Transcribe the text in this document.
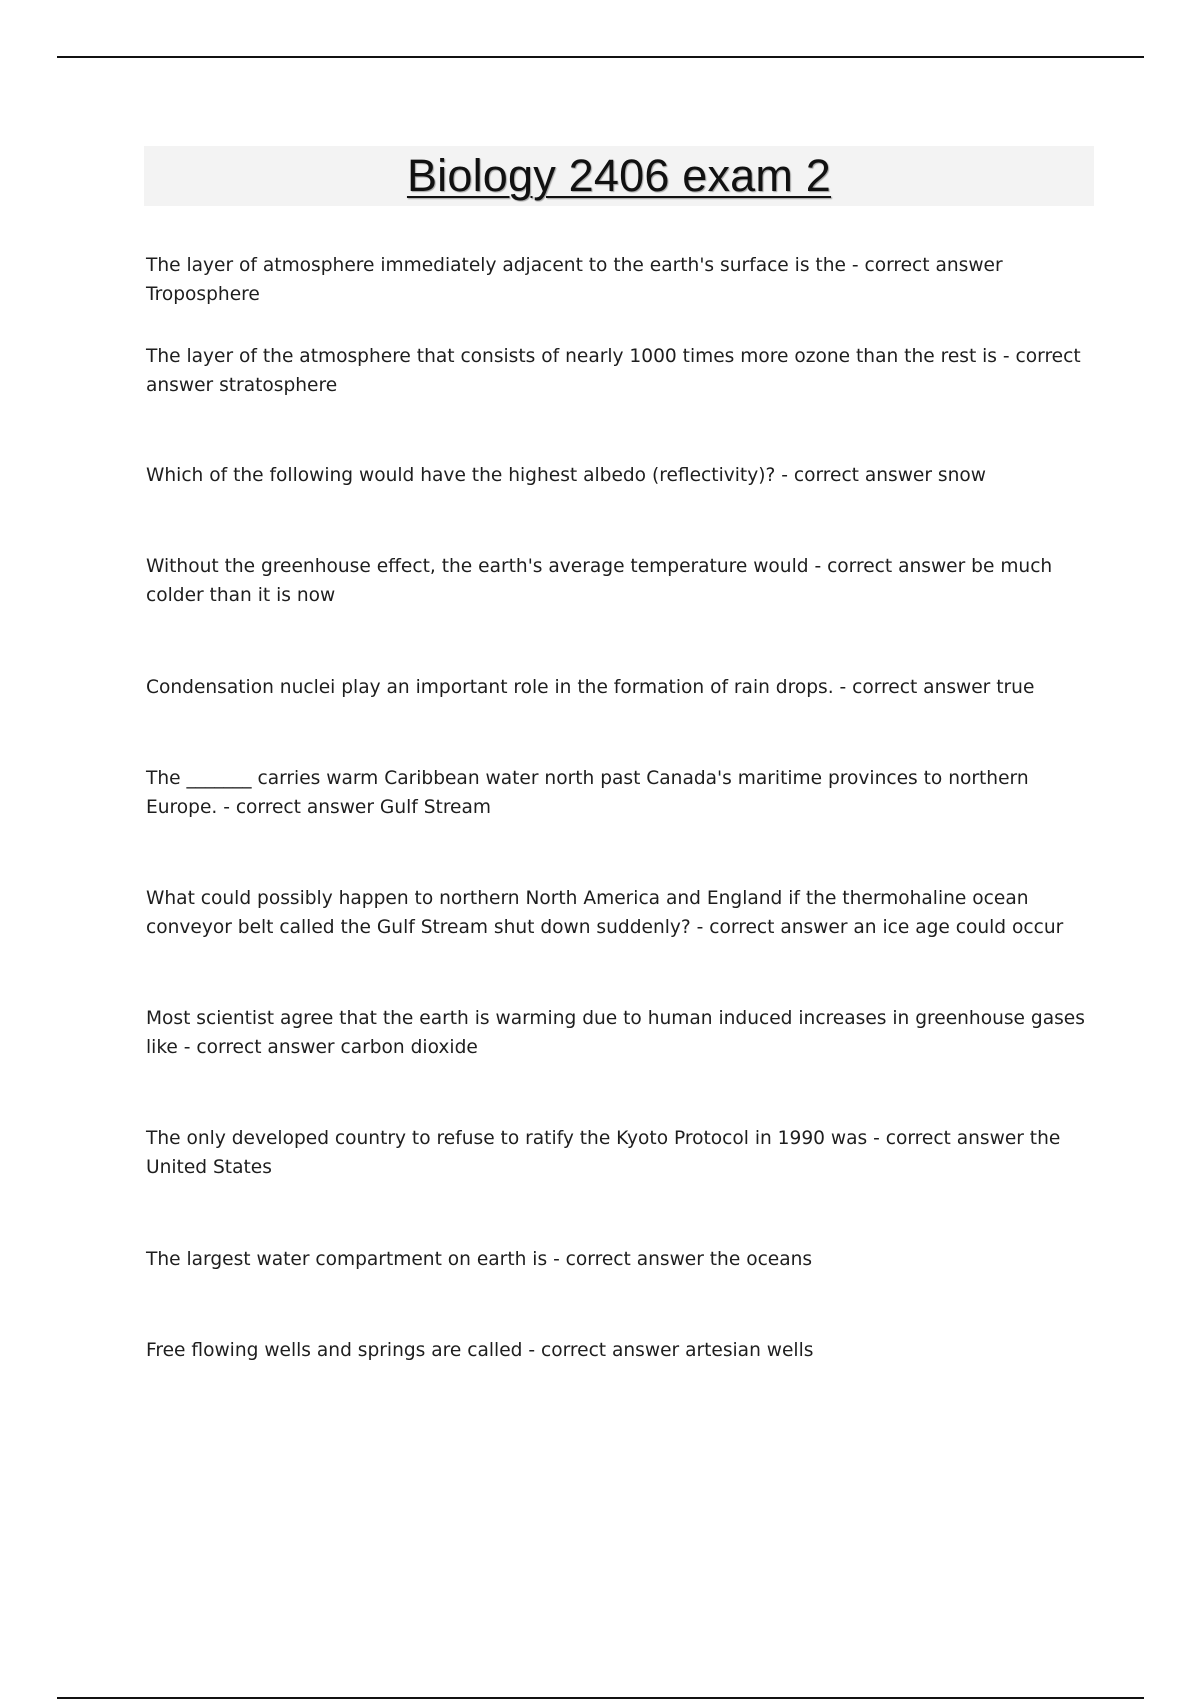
Biology 2406 exam 2

The layer of atmosphere immediately adjacent to the earth's surface is the - correct answer Troposphere

The layer of the atmosphere that consists of nearly 1000 times more ozone than the rest is - correct answer stratosphere

Which of the following would have the highest albedo (reflectivity)? - correct answer snow

Without the greenhouse effect, the earth's average temperature would - correct answer be much colder than it is now

Condensation nuclei play an important role in the formation of rain drops. - correct answer true

The _______ carries warm Caribbean water north past Canada's maritime provinces to northern Europe. - correct answer Gulf Stream

What could possibly happen to northern North America and England if the thermohaline ocean conveyor belt called the Gulf Stream shut down suddenly? - correct answer an ice age could occur

Most scientist agree that the earth is warming due to human induced increases in greenhouse gases like - correct answer carbon dioxide

The only developed country to refuse to ratify the Kyoto Protocol in 1990 was - correct answer the United States

The largest water compartment on earth is - correct answer the oceans

Free flowing wells and springs are called - correct answer artesian wells
